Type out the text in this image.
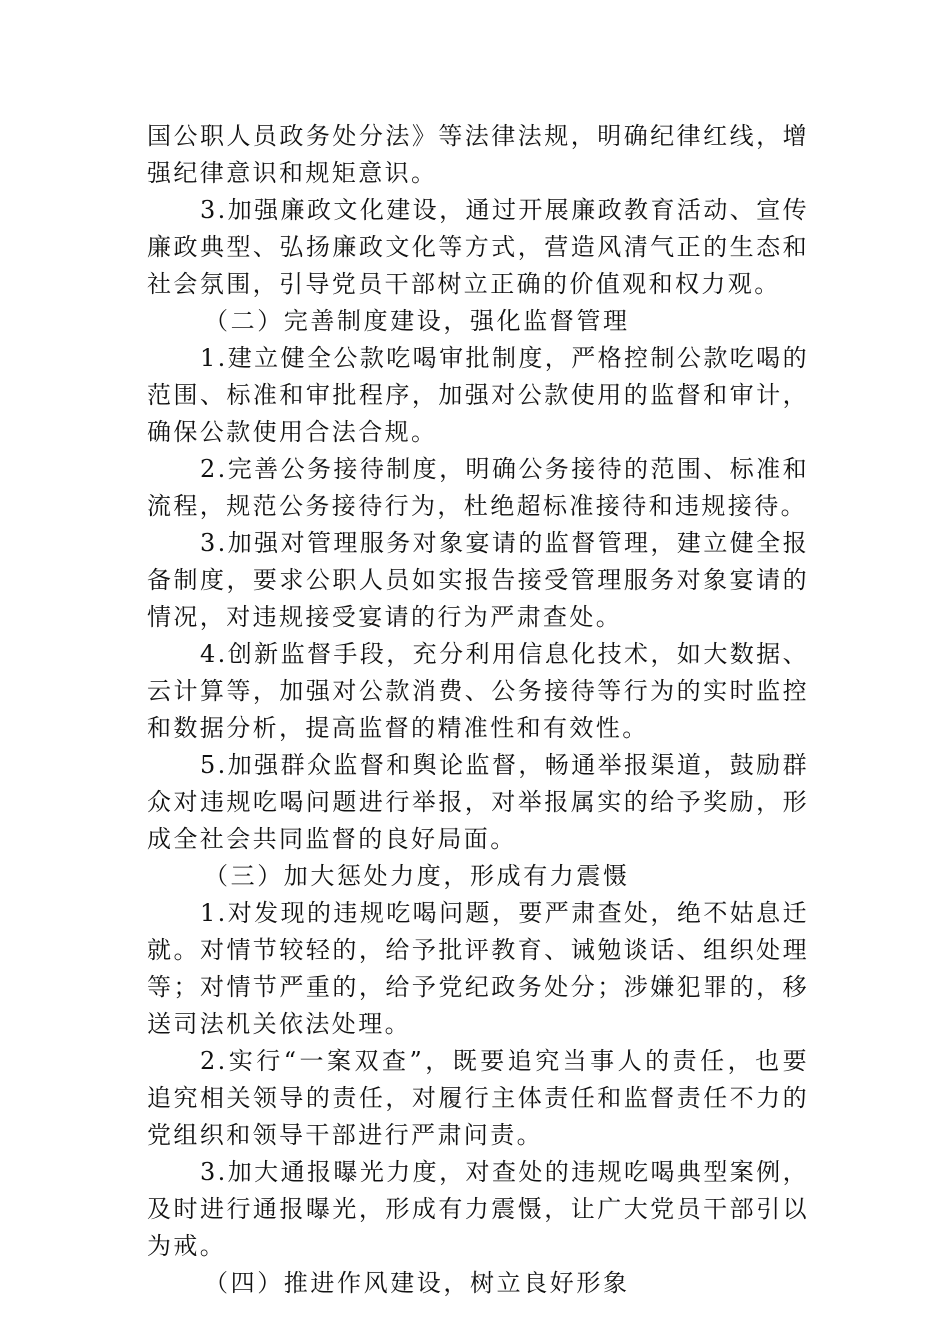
国公职人员政务处分法》等法律法规，明确纪律红线，增强纪律意识和规矩意识。

3.加强廉政文化建设，通过开展廉政教育活动、宣传廉政典型、弘扬廉政文化等方式，营造风清气正的生态和社会氛围，引导党员干部树立正确的价值观和权力观。

（二）完善制度建设，强化监督管理

1.建立健全公款吃喝审批制度，严格控制公款吃喝的范围、标准和审批程序，加强对公款使用的监督和审计，确保公款使用合法合规。

2.完善公务接待制度，明确公务接待的范围、标准和流程，规范公务接待行为，杜绝超标准接待和违规接待。

3.加强对管理服务对象宴请的监督管理，建立健全报备制度，要求公职人员如实报告接受管理服务对象宴请的情况，对违规接受宴请的行为严肃查处。

4.创新监督手段，充分利用信息化技术，如大数据、云计算等，加强对公款消费、公务接待等行为的实时监控和数据分析，提高监督的精准性和有效性。

5.加强群众监督和舆论监督，畅通举报渠道，鼓励群众对违规吃喝问题进行举报，对举报属实的给予奖励，形成全社会共同监督的良好局面。

（三）加大惩处力度，形成有力震慑

1.对发现的违规吃喝问题，要严肃查处，绝不姑息迁就。对情节较轻的，给予批评教育、诫勉谈话、组织处理等；对情节严重的，给予党纪政务处分；涉嫌犯罪的，移送司法机关依法处理。

2.实行“一案双查”，既要追究当事人的责任，也要追究相关领导的责任，对履行主体责任和监督责任不力的党组织和领导干部进行严肃问责。

3.加大通报曝光力度，对查处的违规吃喝典型案例，及时进行通报曝光，形成有力震慑，让广大党员干部引以为戒。

（四）推进作风建设，树立良好形象
